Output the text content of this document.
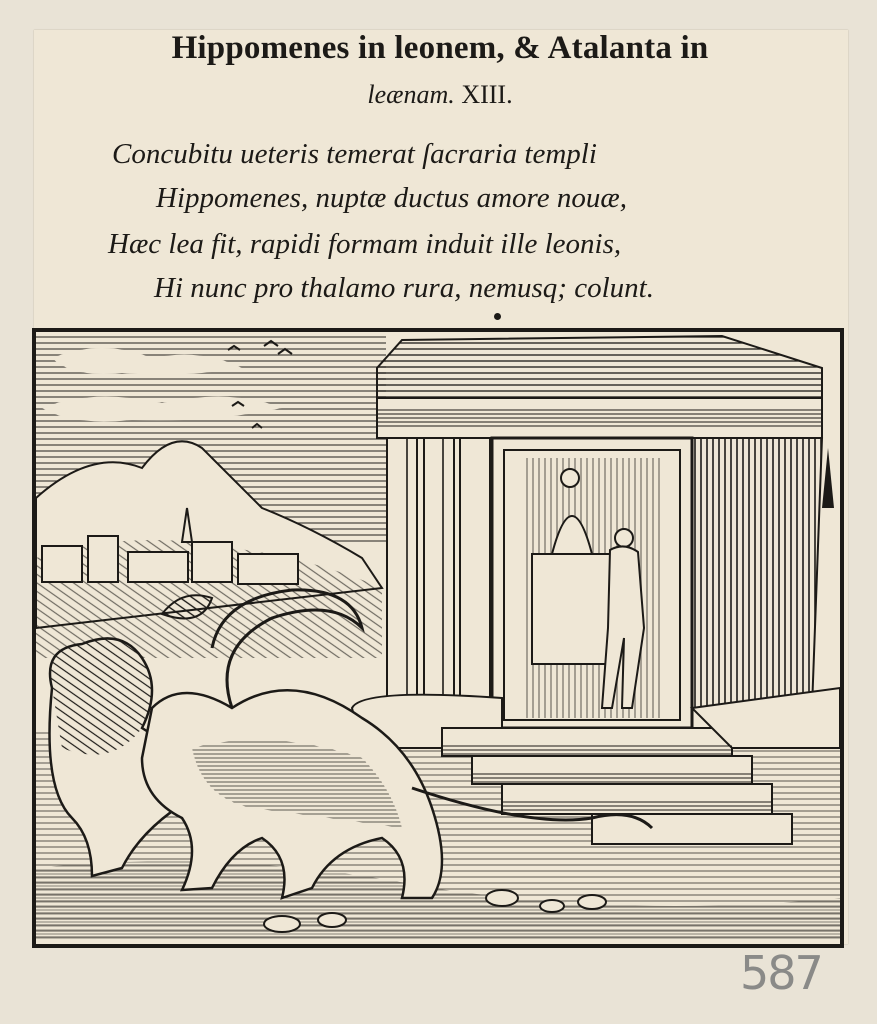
Hippomenes in leonem, & Atalanta in
leænam. XIII.
Concubitu ueteris temerat ſacraria templi
Hippomenes, nuptæ ductus amore nouæ,
Hæc lea fit, rapidi formam induit ille leonis,
Hi nunc pro thalamo rura, nemusq; colunt.
587
